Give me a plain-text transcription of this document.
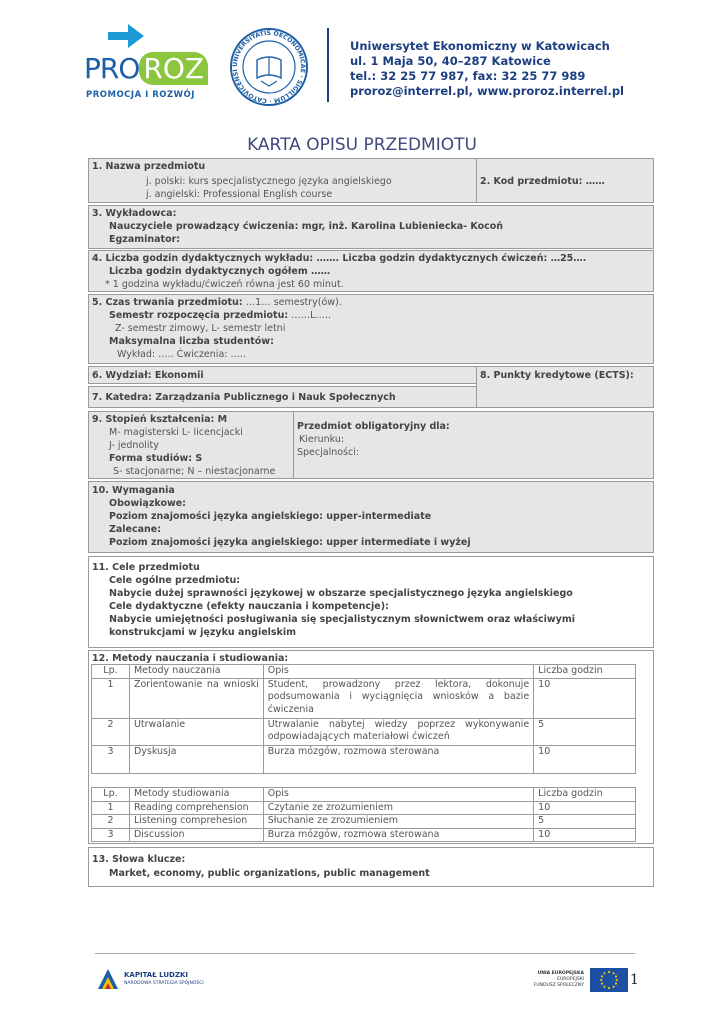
PRO ROZ
PROMOCJA I ROZWÓJ
UNIVERSITATIS OECONOMICAE · SIGILLUM · CATOVICENSI
Uniwersytet Ekonomiczny w Katowicach
ul. 1 Maja 50, 40–287 Katowice
tel.: 32 25 77 987, fax: 32 25 77 989
proroz@interrel.pl, www.proroz.interrel.pl
KARTA OPISU PRZEDMIOTU
1. Nazwa przedmiotu
j. polski: kurs specjalistycznego języka angielskiego
j. angielski: Professional English course
2. Kod przedmiotu: ……
3. Wykładowca:
Nauczyciele prowadzący ćwiczenia: mgr, inż. Karolina Lubieniecka- Kocoń
Egzaminator:
4. Liczba godzin dydaktycznych wykładu: ……. Liczba godzin dydaktycznych ćwiczeń: …25….
Liczba godzin dydaktycznych ogółem ……
* 1 godzina wykładu/ćwiczeń równa jest 60 minut.
5. Czas trwania przedmiotu: …1… semestry(ów).
Semestr rozpoczęcia przedmiotu: ……L…..
Z- semestr zimowy, L- semestr letni
Maksymalna liczba studentów:
Wykład: ….. Ćwiczenia: …..
6. Wydział: Ekonomii	8. Punkty kredytowe (ECTS):
7. Katedra: Zarządzania Publicznego i Nauk Społecznych
9. Stopień kształcenia: M
M- magisterski L- licencjacki
J- jednolity
Forma studiów: S
S- stacjonarne; N – niestacjonarne
Przedmiot obligatoryjny dla:
Kierunku:
Specjalności:
10. Wymagania
Obowiązkowe:
Poziom znajomości języka angielskiego: upper-intermediate
Zalecane:
Poziom znajomości języka angielskiego: upper intermediate i wyżej
11. Cele przedmiotu
Cele ogólne przedmiotu:
Nabycie dużej sprawności językowej w obszarze specjalistycznego języka angielskiego
Cele dydaktyczne (efekty nauczania i kompetencje):
Nabycie umiejętności posługiwania się specjalistycznym słownictwem oraz właściwymi
konstrukcjami w języku angielskim
12. Metody nauczania i studiowania:
Lp.	Metody nauczania	Opis	Liczba godzin
1	Zorientowanie na wnioski	Student, prowadzony przez lektora, dokonuje podsumowania i wyciągnięcia wniosków a bazie ćwiczenia	10
2	Utrwalanie	Utrwalanie nabytej wiedzy poprzez wykonywanie odpowiadających materiałowi ćwiczeń	5
3	Dyskusja	Burza mózgów, rozmowa sterowana	10
Lp.	Metody studiowania	Opis	Liczba godzin
1	Reading comprehension	Czytanie ze zrozumieniem	10
2	Listening comprehesion	Słuchanie ze zrozumieniem	5
3	Discussion	Burza mózgów, rozmowa sterowana	10
13. Słowa klucze:
Market, economy, public organizations, public management
KAPITAŁ LUDZKI
NARODOWA STRATEGIA SPÓJNOŚCI
UNIA EUROPEJSKA
EUROPEJSKI
FUNDUSZ SPOŁECZNY	1
